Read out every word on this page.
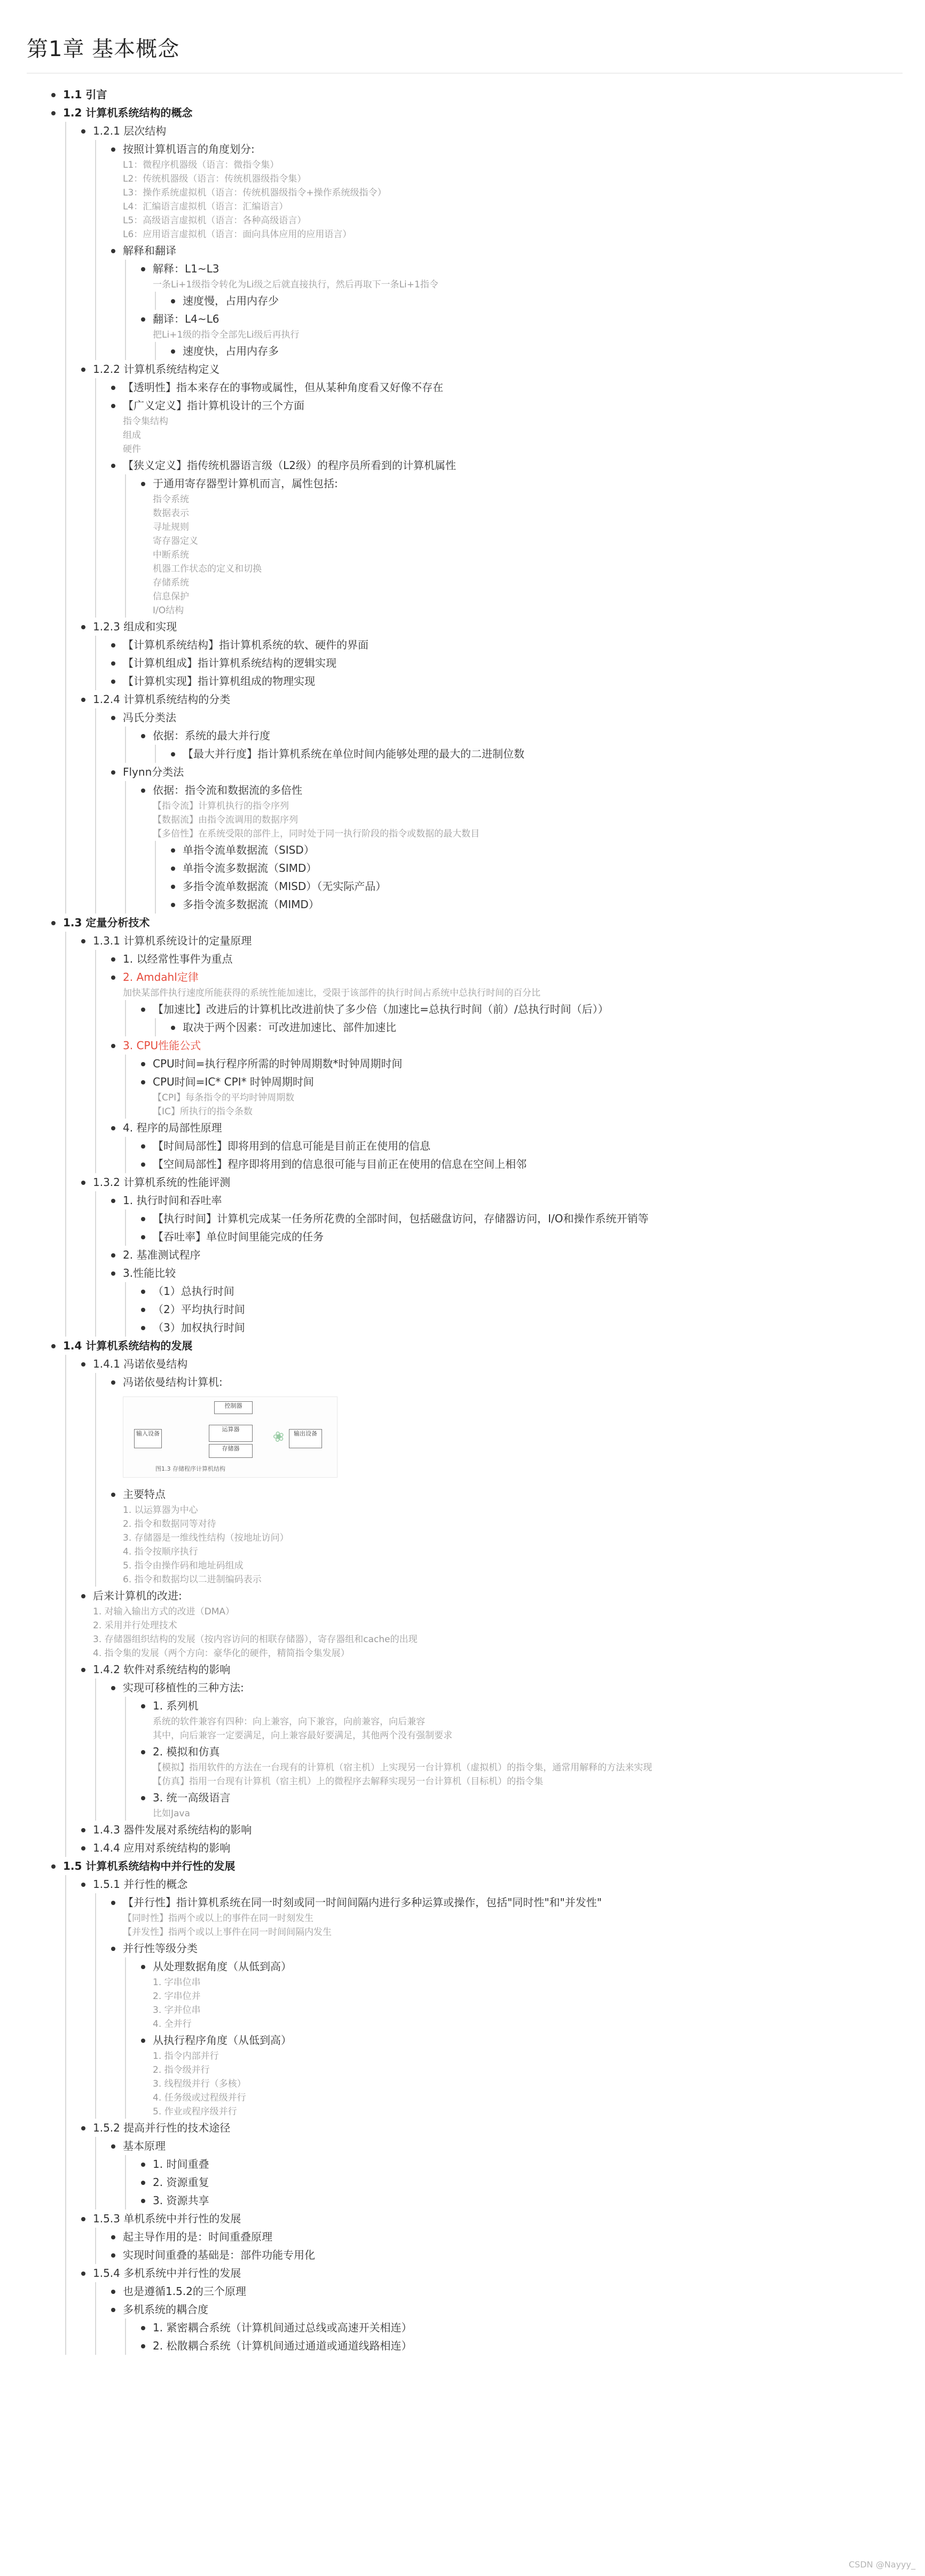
第1章 基本概念
1.1 引言
1.2 计算机系统结构的概念
1.2.1 层次结构
按照计算机语言的角度划分:
L1：微程序机器级（语言：微指令集）
L2：传统机器级（语言：传统机器级指令集）
L3：操作系统虚拟机（语言：传统机器级指令+操作系统级指令）
L4：汇编语言虚拟机（语言：汇编语言）
L5：高级语言虚拟机（语言：各种高级语言）
L6：应用语言虚拟机（语言：面向具体应用的应用语言）
解释和翻译
解释：L1~L3
一条Li+1级指令转化为Li级之后就直接执行，然后再取下一条Li+1指令
速度慢，占用内存少
翻译：L4~L6
把Li+1级的指令全部先Li级后再执行
速度快，占用内存多
1.2.2 计算机系统结构定义
【透明性】指本来存在的事物或属性，但从某种角度看又好像不存在
【广义定义】指计算机设计的三个方面
指令集结构
组成
硬件
【狭义定义】指传统机器语言级（L2级）的程序员所看到的计算机属性
于通用寄存器型计算机而言，属性包括:
指令系统
数据表示
寻址规则
寄存器定义
中断系统
机器工作状态的定义和切换
存储系统
信息保护
I/O结构
1.2.3 组成和实现
【计算机系统结构】指计算机系统的软、硬件的界面
【计算机组成】指计算机系统结构的逻辑实现
【计算机实现】指计算机组成的物理实现
1.2.4 计算机系统结构的分类
冯氏分类法
依据：系统的最大并行度
【最大并行度】指计算机系统在单位时间内能够处理的最大的二进制位数
Flynn分类法
依据：指令流和数据流的多倍性
【指令流】计算机执行的指令序列
【数据流】由指令流调用的数据序列
【多倍性】在系统受限的部件上，同时处于同一执行阶段的指令或数据的最大数目
单指令流单数据流（SISD）
单指令流多数据流（SIMD）
多指令流单数据流（MISD）（无实际产品）
多指令流多数据流（MIMD）
1.3 定量分析技术
1.3.1 计算机系统设计的定量原理
1. 以经常性事件为重点
2. Amdahl定律
加快某部件执行速度所能获得的系统性能加速比，受限于该部件的执行时间占系统中总执行时间的百分比
【加速比】改进后的计算机比改进前快了多少倍（加速比=总执行时间（前）/总执行时间（后））
取决于两个因素：可改进加速比、部件加速比
3. CPU性能公式
CPU时间=执行程序所需的时钟周期数*时钟周期时间
CPU时间=IC* CPI* 时钟周期时间
【CPI】每条指令的平均时钟周期数
【IC】所执行的指令条数
4. 程序的局部性原理
【时间局部性】即将用到的信息可能是目前正在使用的信息
【空间局部性】程序即将用到的信息很可能与目前正在使用的信息在空间上相邻
1.3.2 计算机系统的性能评测
1. 执行时间和吞吐率
【执行时间】计算机完成某一任务所花费的全部时间，包括磁盘访问，存储器访问，I/O和操作系统开销等
【吞吐率】单位时间里能完成的任务
2. 基准测试程序
3.性能比较
（1）总执行时间
（2）平均执行时间
（3）加权执行时间
1.4 计算机系统结构的发展
1.4.1 冯诺依曼结构
冯诺依曼结构计算机:
控制器
输入设备
运算器
存储器
输出设备
图1.3 存储程序计算机结构
❀
主要特点
1. 以运算器为中心
2. 指令和数据同等对待
3. 存储器是一维线性结构（按地址访问）
4. 指令按顺序执行
5. 指令由操作码和地址码组成
6. 指令和数据均以二进制编码表示
后来计算机的改进:
1. 对输入输出方式的改进（DMA）
2. 采用并行处理技术
3. 存储器组织结构的发展（按内容访问的相联存储器），寄存器组和cache的出现
4. 指令集的发展（两个方向：豪华化的硬件，精简指令集发展）
1.4.2 软件对系统结构的影响
实现可移植性的三种方法:
1. 系列机
系统的软件兼容有四种：向上兼容，向下兼容，向前兼容，向后兼容
其中，向后兼容一定要满足，向上兼容最好要满足，其他两个没有强制要求
2. 模拟和仿真
【模拟】指用软件的方法在一台现有的计算机（宿主机）上实现另一台计算机（虚拟机）的指令集，通常用解释的方法来实现
【仿真】指用一台现有计算机（宿主机）上的微程序去解释实现另一台计算机（目标机）的指令集
3. 统一高级语言
比如Java
1.4.3 器件发展对系统结构的影响
1.4.4 应用对系统结构的影响
1.5 计算机系统结构中并行性的发展
1.5.1 并行性的概念
【并行性】指计算机系统在同一时刻或同一时间间隔内进行多种运算或操作，包括"同时性"和"并发性"
【同时性】指两个或以上的事件在同一时刻发生
【并发性】指两个或以上事件在同一时间间隔内发生
并行性等级分类
从处理数据角度（从低到高）
1. 字串位串
2. 字串位并
3. 字并位串
4. 全并行
从执行程序角度（从低到高）
1. 指令内部并行
2. 指令级并行
3. 线程级并行（多核）
4. 任务级或过程级并行
5. 作业或程序级并行
1.5.2 提高并行性的技术途径
基本原理
1. 时间重叠
2. 资源重复
3. 资源共享
1.5.3 单机系统中并行性的发展
起主导作用的是：时间重叠原理
实现时间重叠的基础是：部件功能专用化
1.5.4 多机系统中并行性的发展
也是遵循1.5.2的三个原理
多机系统的耦合度
1. 紧密耦合系统（计算机间通过总线或高速开关相连）
2. 松散耦合系统（计算机间通过通道或通道线路相连）
CSDN @Nayyy_
